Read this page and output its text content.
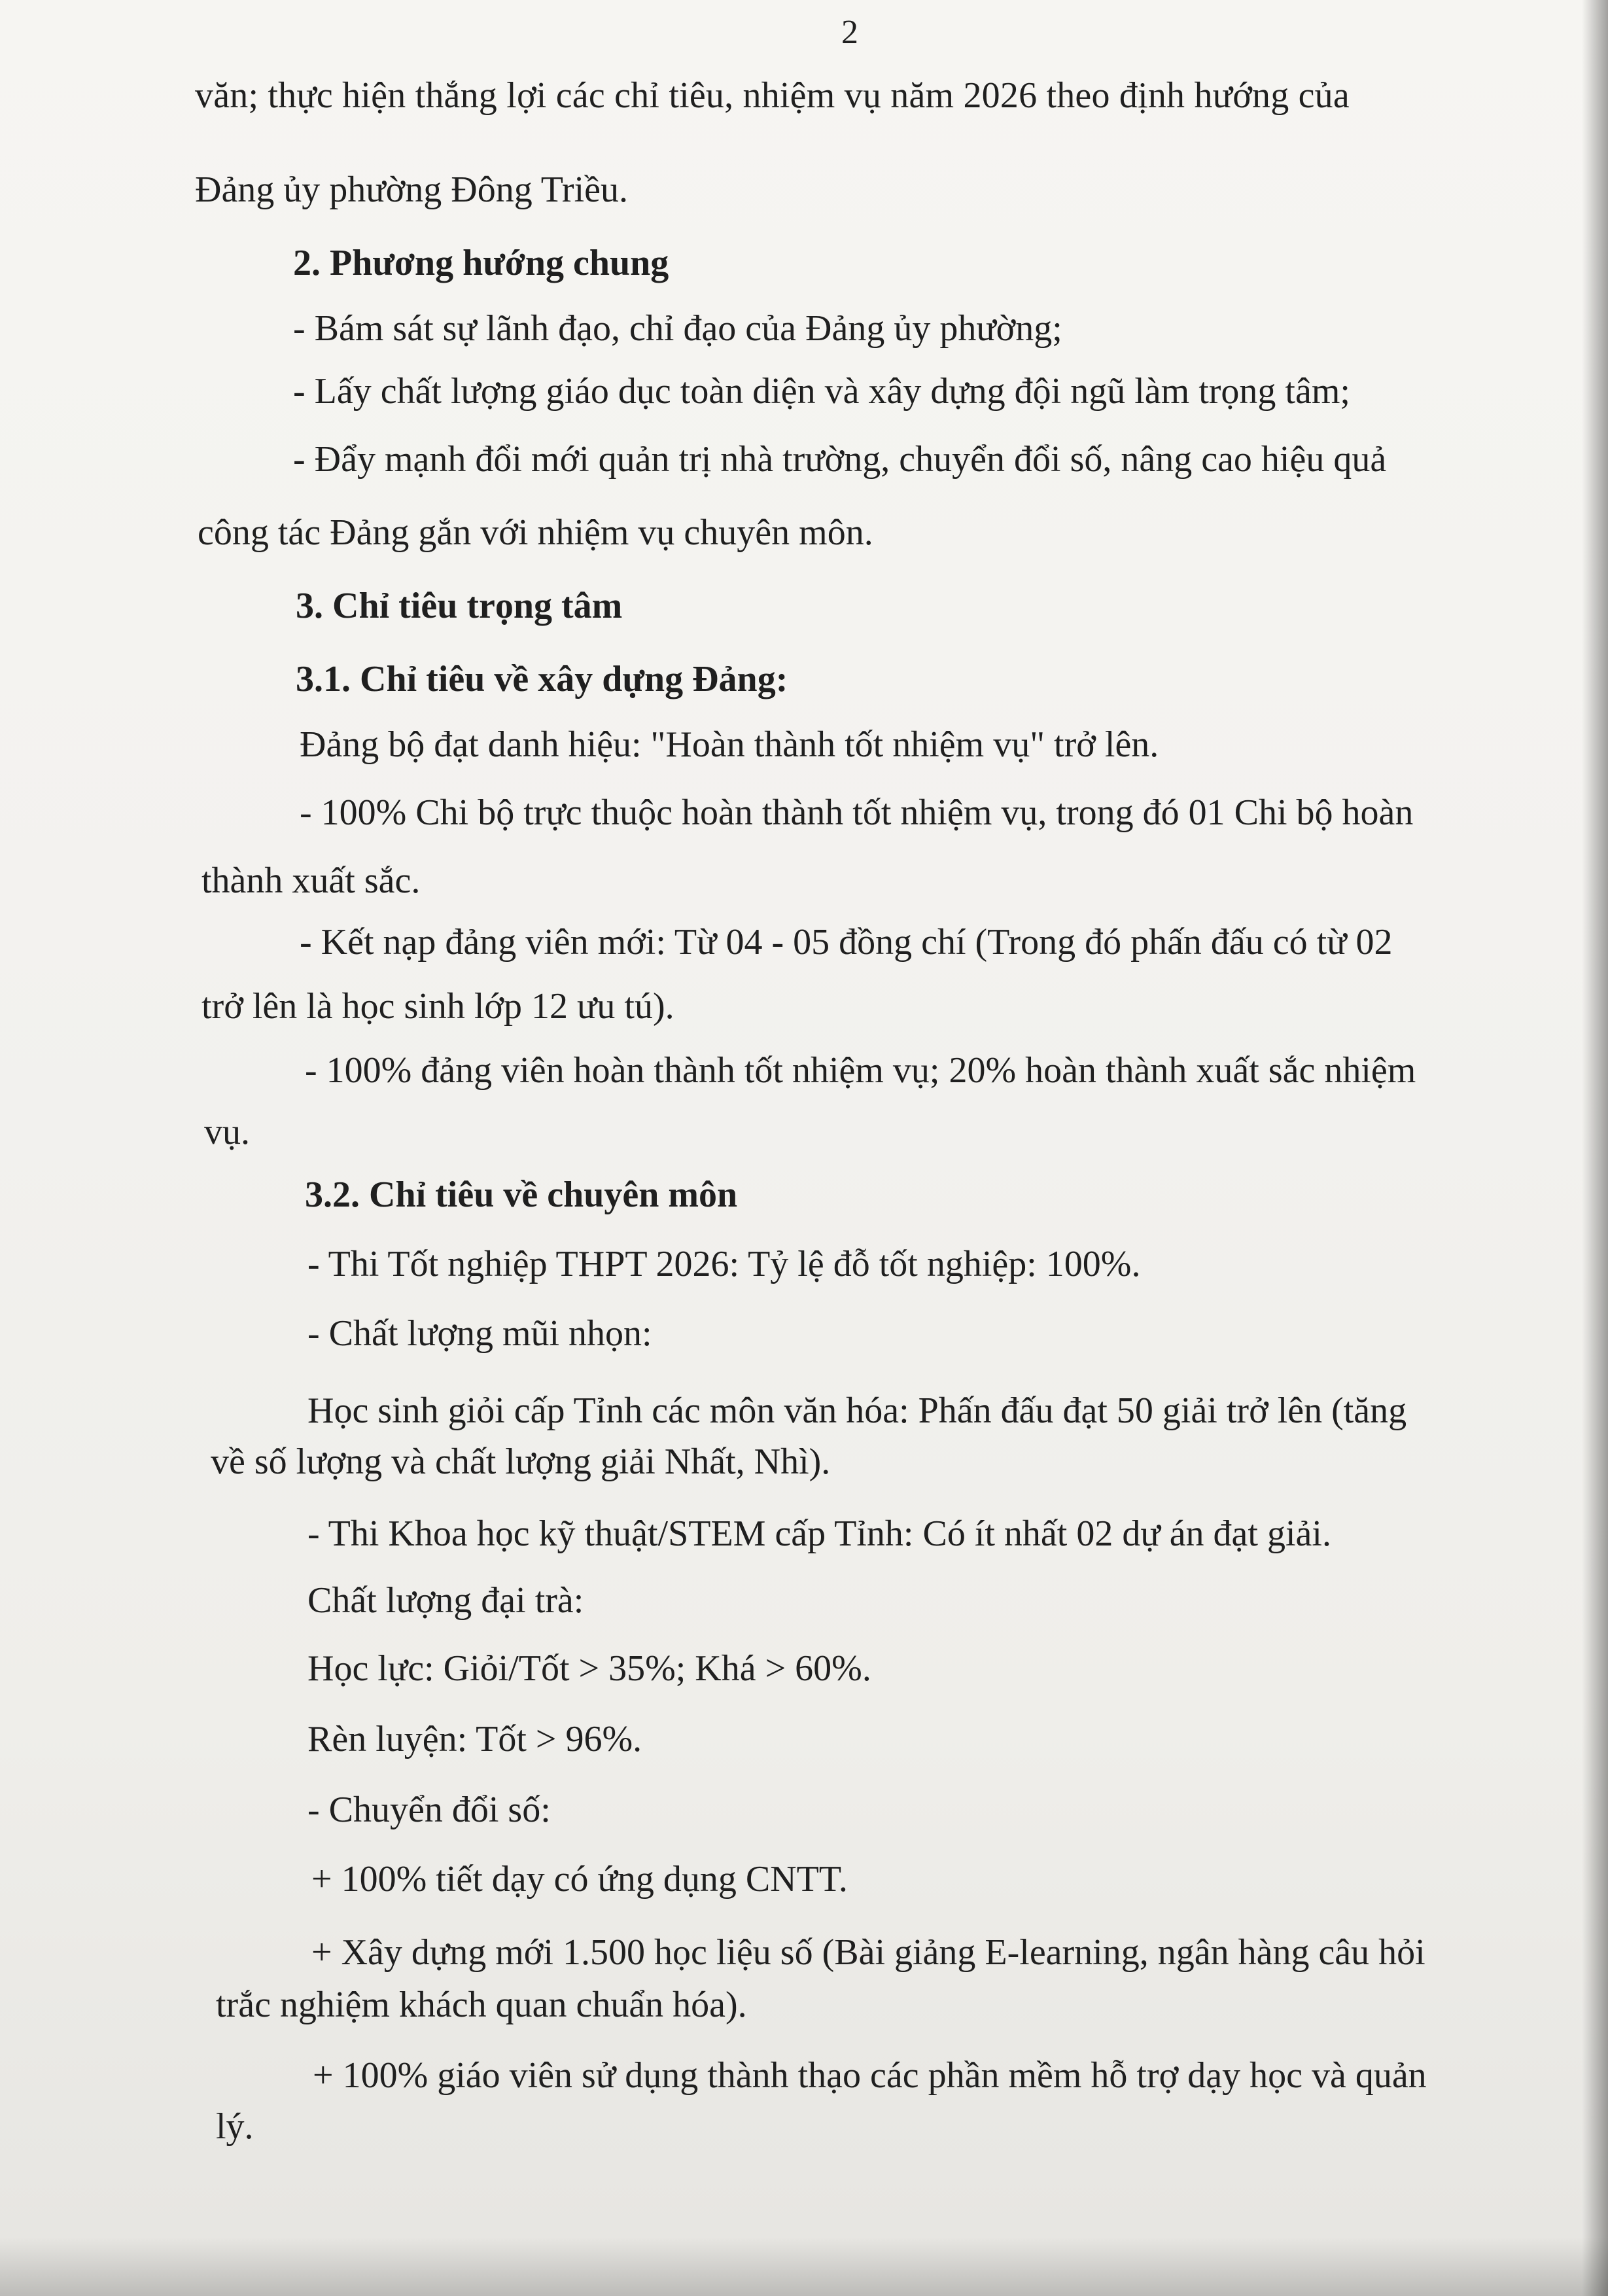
2
văn; thực hiện thắng lợi các chỉ tiêu, nhiệm vụ năm 2026 theo định hướng của
Đảng ủy phường Đông Triều.
2. Phương hướng chung
- Bám sát sự lãnh đạo, chỉ đạo của Đảng ủy phường;
- Lấy chất lượng giáo dục toàn diện và xây dựng đội ngũ làm trọng tâm;
- Đẩy mạnh đổi mới quản trị nhà trường, chuyển đổi số, nâng cao hiệu quả
công tác Đảng gắn với nhiệm vụ chuyên môn.
3. Chỉ tiêu trọng tâm
3.1. Chỉ tiêu về xây dựng Đảng:
Đảng bộ đạt danh hiệu: "Hoàn thành tốt nhiệm vụ" trở lên.
- 100% Chi bộ trực thuộc hoàn thành tốt nhiệm vụ, trong đó 01 Chi bộ hoàn
thành xuất sắc.
- Kết nạp đảng viên mới: Từ 04 - 05 đồng chí (Trong đó phấn đấu có từ 02
trở lên là học sinh lớp 12 ưu tú).
- 100% đảng viên hoàn thành tốt nhiệm vụ; 20% hoàn thành xuất sắc nhiệm
vụ.
3.2. Chỉ tiêu về chuyên môn
- Thi Tốt nghiệp THPT 2026: Tỷ lệ đỗ tốt nghiệp: 100%.
- Chất lượng mũi nhọn:
Học sinh giỏi cấp Tỉnh các môn văn hóa: Phấn đấu đạt 50 giải trở lên (tăng
về số lượng và chất lượng giải Nhất, Nhì).
- Thi Khoa học kỹ thuật/STEM cấp Tỉnh: Có ít nhất 02 dự án đạt giải.
Chất lượng đại trà:
Học lực: Giỏi/Tốt > 35%; Khá > 60%.
Rèn luyện: Tốt > 96%.
- Chuyển đổi số:
+ 100% tiết dạy có ứng dụng CNTT.
+ Xây dựng mới 1.500 học liệu số (Bài giảng E-learning, ngân hàng câu hỏi
trắc nghiệm khách quan chuẩn hóa).
+ 100% giáo viên sử dụng thành thạo các phần mềm hỗ trợ dạy học và quản
lý.
